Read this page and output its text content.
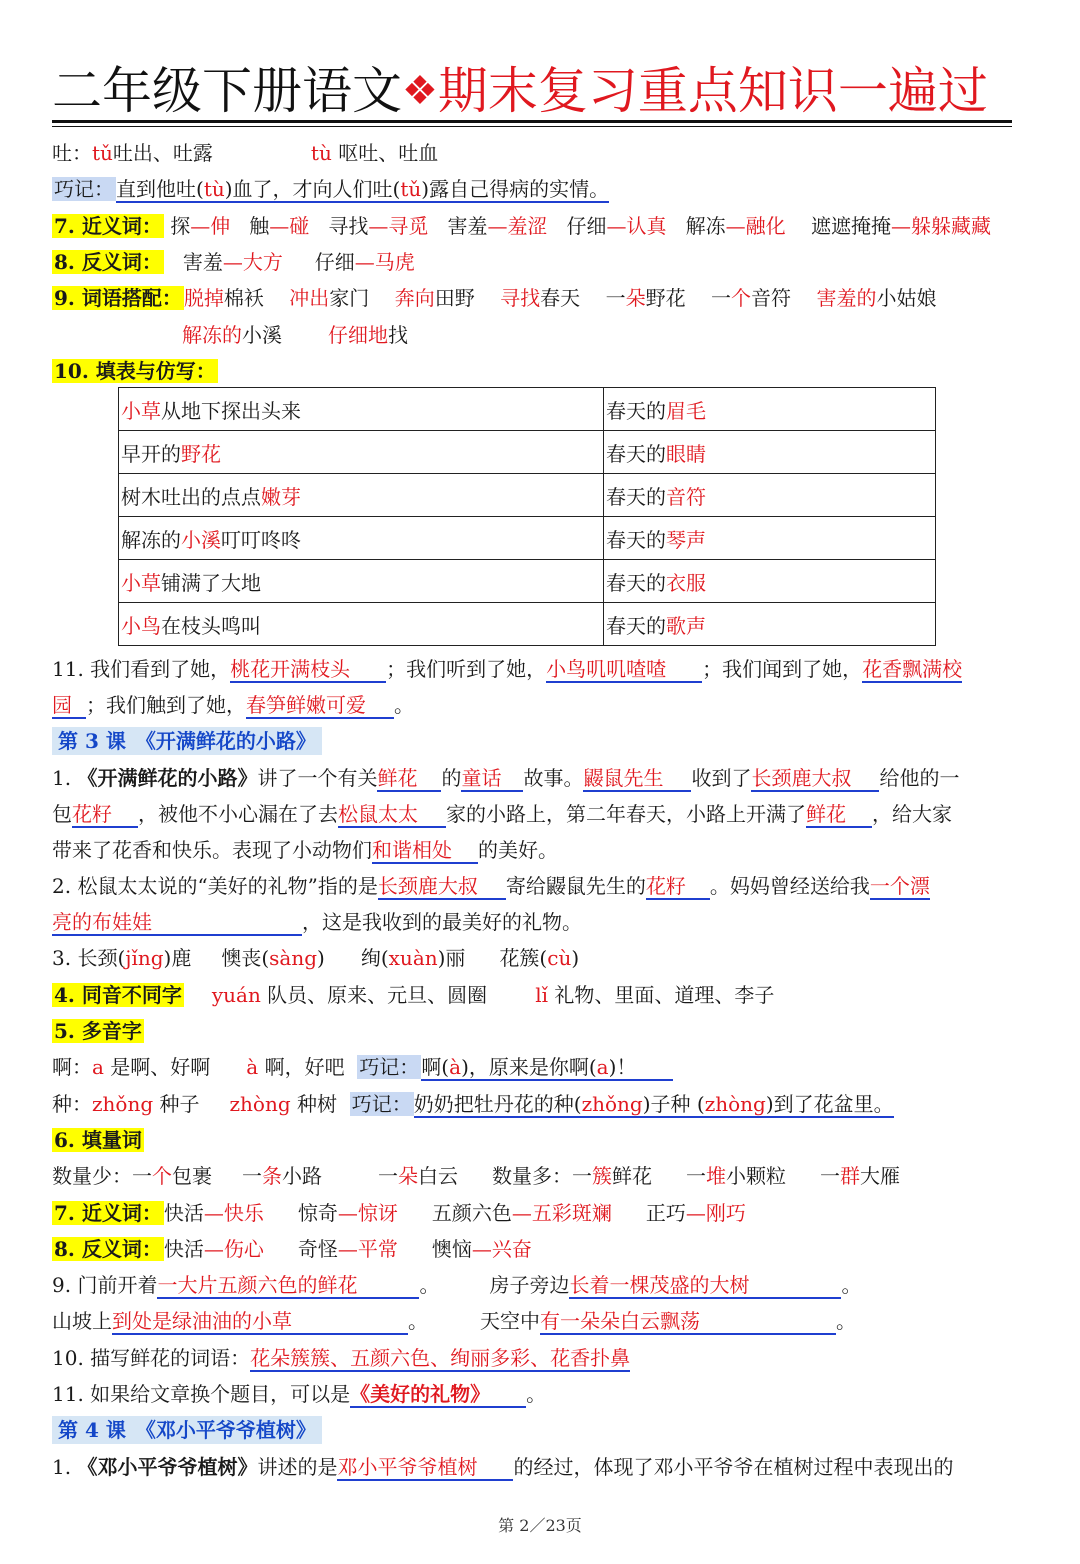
二年级下册语文❖期末复习重点知识一遍过
吐：tǔ吐出、吐露	tù 呕吐、吐血
巧记： 直到他吐(tù)血了，才向人们吐(tǔ)露自己得病的实情。
7. 近义词： 探—伸 触—碰 寻找—寻觅 害羞—羞涩 仔细—认真 解冻—融化 遮遮掩掩—躲躲藏藏
8. 反义词： 害羞—大方 仔细—马虎
9. 词语搭配： 脱掉棉袄 冲出家门 奔向田野 寻找春天 一朵野花 一个音符 害羞的小姑娘
解冻的小溪 仔细地找
10. 填表与仿写：
小草从地下探出头来	春天的眉毛
早开的野花	春天的眼睛
树木吐出的点点嫩芽	春天的音符
解冻的小溪叮叮咚咚	春天的琴声
小草铺满了大地	春天的衣服
小鸟在枝头鸣叫	春天的歌声
11. 我们看到了她，桃花开满枝头 ；我们听到了她，小鸟叽叽喳喳 ；我们闻到了她，花香飘满校
园 ；我们触到了她，春笋鲜嫩可爱 。
第 3 课　《开满鲜花的小路》
1. 《开满鲜花的小路》讲了一个有关鲜花 的童话 故事。鼹鼠先生 收到了长颈鹿大叔 给他的一
包花籽 ，被他不小心漏在了去松鼠太太 家的小路上，第二年春天，小路上开满了鲜花 ，给大家
带来了花香和快乐。表现了小动物们和谐相处 的美好。
2. 松鼠太太说的“美好的礼物”指的是长颈鹿大叔 寄给鼹鼠先生的花籽 。妈妈曾经送给我一个漂
亮的布娃娃	，这是我收到的最美好的礼物。
3. 长颈(jǐng)鹿 懊丧(sàng) 绚(xuàn)丽 花簇(cù)
4. 同音不同字 yuán 队员、原来、元旦、圆圈 lǐ 礼物、里面、道理、李子
5. 多音字
啊：a 是啊、好啊 à 啊，好吧 巧记： 啊(à)，原来是你啊(a)！
种：zhǒng 种子 zhòng 种树 巧记： 奶奶把牡丹花的种(zhǒng)子种 (zhòng)到了花盆里。
6. 填量词
数量少：一个包裹 一条小路	一朵白云 数量多：一簇鲜花 一堆小颗粒 一群大雁
7. 近义词： 快活—快乐 惊奇—惊讶 五颜六色—五彩斑斓 正巧—刚巧
8. 反义词： 快活—伤心 奇怪—平常 懊恼—兴奋
9. 门前开着一大片五颜六色的鲜花	。	房子旁边长着一棵茂盛的大树	。
山坡上到处是绿油油的小草	。	天空中有一朵朵白云飘荡	。
10. 描写鲜花的词语：花朵簇簇、五颜六色、绚丽多彩、花香扑鼻
11. 如果给文章换个题目，可以是《美好的礼物》 。
第 4 课　《邓小平爷爷植树》
1. 《邓小平爷爷植树》讲述的是邓小平爷爷植树 的经过，体现了邓小平爷爷在植树过程中表现出的
第 2／23页
